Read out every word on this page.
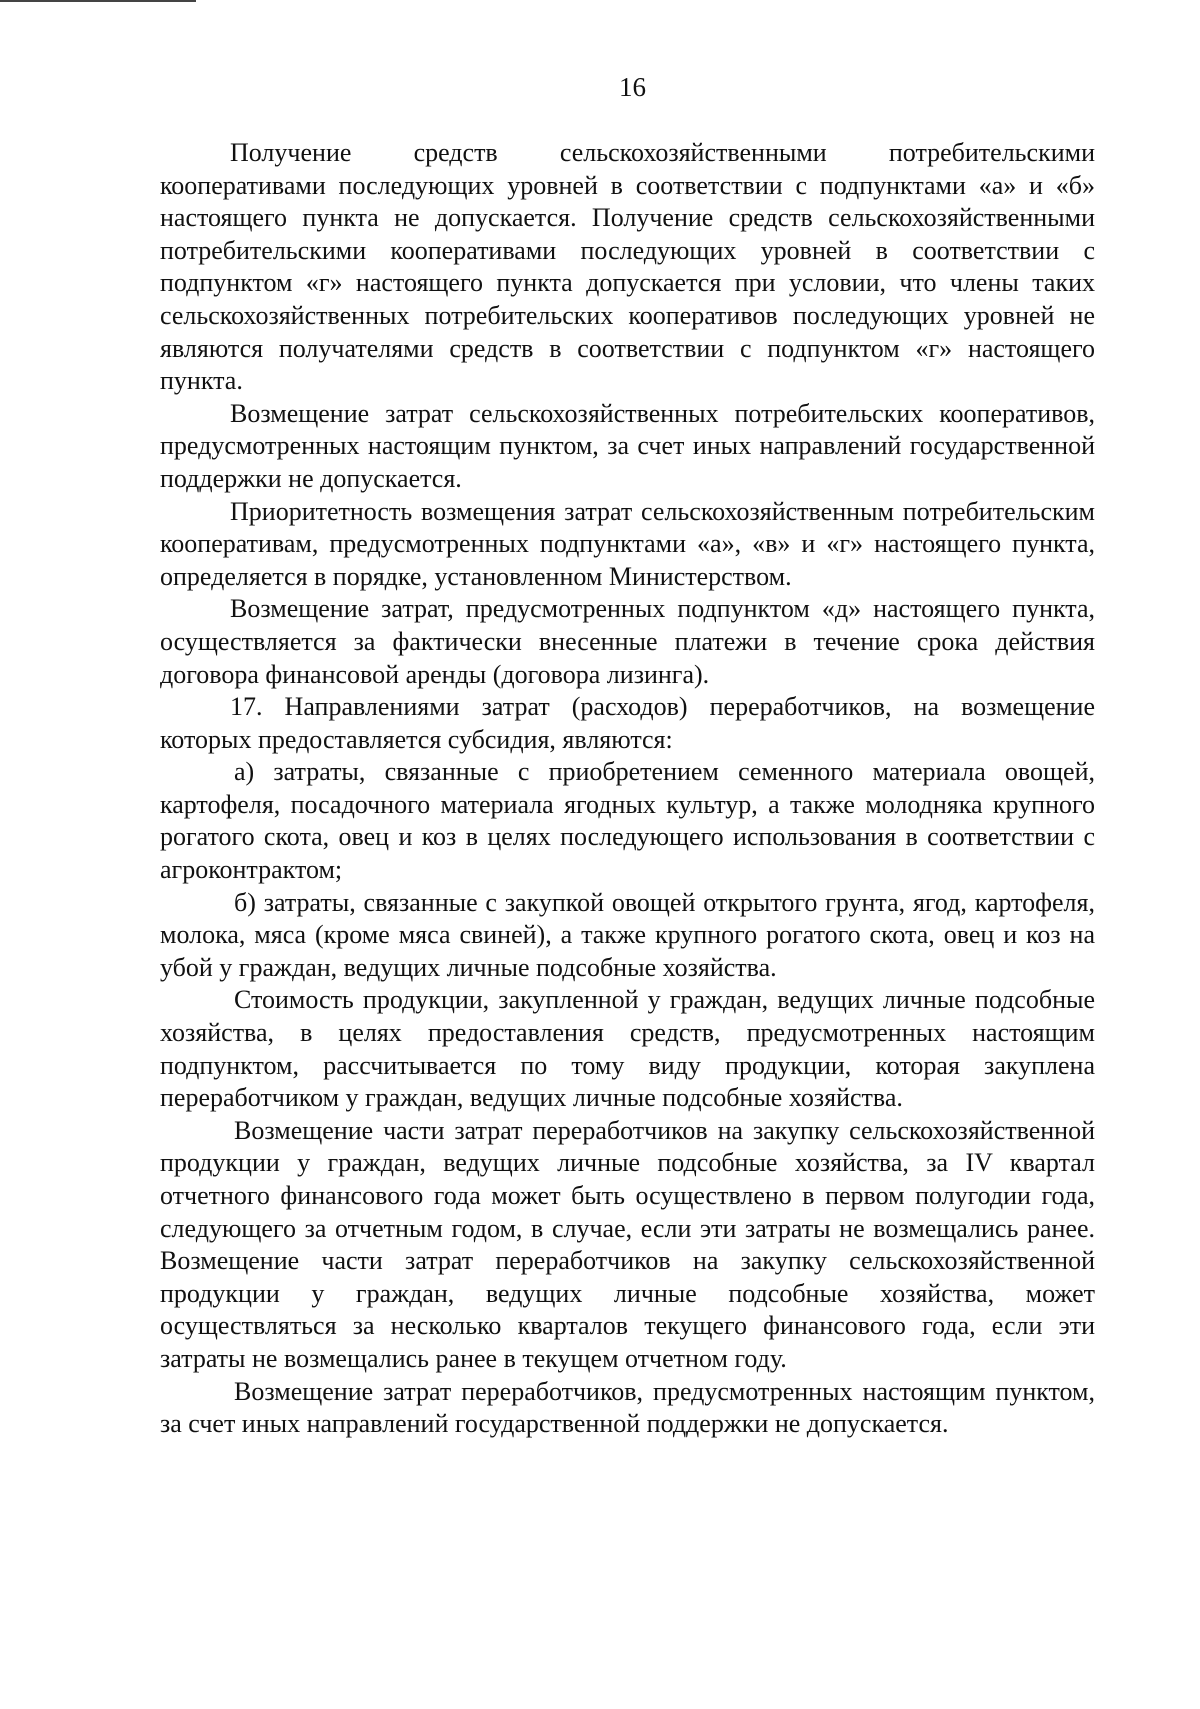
16

Получение средств сельскохозяйственными потребительскими кооперативами последующих уровней в соответствии с подпунктами «а» и «б» настоящего пункта не допускается. Получение средств сельскохозяйственными потребительскими кооперативами последующих уровней в соответствии с подпунктом «г» настоящего пункта допускается при условии, что члены таких сельскохозяйственных потребительских кооперативов последующих уровней не являются получателями средств в соответствии с подпунктом «г» настоящего пункта.

Возмещение затрат сельскохозяйственных потребительских кооперативов, предусмотренных настоящим пунктом, за счет иных направлений государственной поддержки не допускается.

Приоритетность возмещения затрат сельскохозяйственным потребительским кооперативам, предусмотренных подпунктами «а», «в» и «г» настоящего пункта, определяется в порядке, установленном Министерством.

Возмещение затрат, предусмотренных подпунктом «д» настоящего пункта, осуществляется за фактически внесенные платежи в течение срока действия договора финансовой аренды (договора лизинга).

17. Направлениями затрат (расходов) переработчиков, на возмещение которых предоставляется субсидия, являются:

а) затраты, связанные с приобретением семенного материала овощей, картофеля, посадочного материала ягодных культур, а также молодняка крупного рогатого скота, овец и коз в целях последующего использования в соответствии с агроконтрактом;

б) затраты, связанные с закупкой овощей открытого грунта, ягод, картофеля, молока, мяса (кроме мяса свиней), а также крупного рогатого скота, овец и коз на убой у граждан, ведущих личные подсобные хозяйства.

Стоимость продукции, закупленной у граждан, ведущих личные подсобные хозяйства, в целях предоставления средств, предусмотренных настоящим подпунктом, рассчитывается по тому виду продукции, которая закуплена переработчиком у граждан, ведущих личные подсобные хозяйства.

Возмещение части затрат переработчиков на закупку сельскохозяйственной продукции у граждан, ведущих личные подсобные хозяйства, за IV квартал отчетного финансового года может быть осуществлено в первом полугодии года, следующего за отчетным годом, в случае, если эти затраты не возмещались ранее. Возмещение части затрат переработчиков на закупку сельскохозяйственной продукции у граждан, ведущих личные подсобные хозяйства, может осуществляться за несколько кварталов текущего финансового года, если эти затраты не возмещались ранее в текущем отчетном году.

Возмещение затрат переработчиков, предусмотренных настоящим пунктом, за счет иных направлений государственной поддержки не допускается.
